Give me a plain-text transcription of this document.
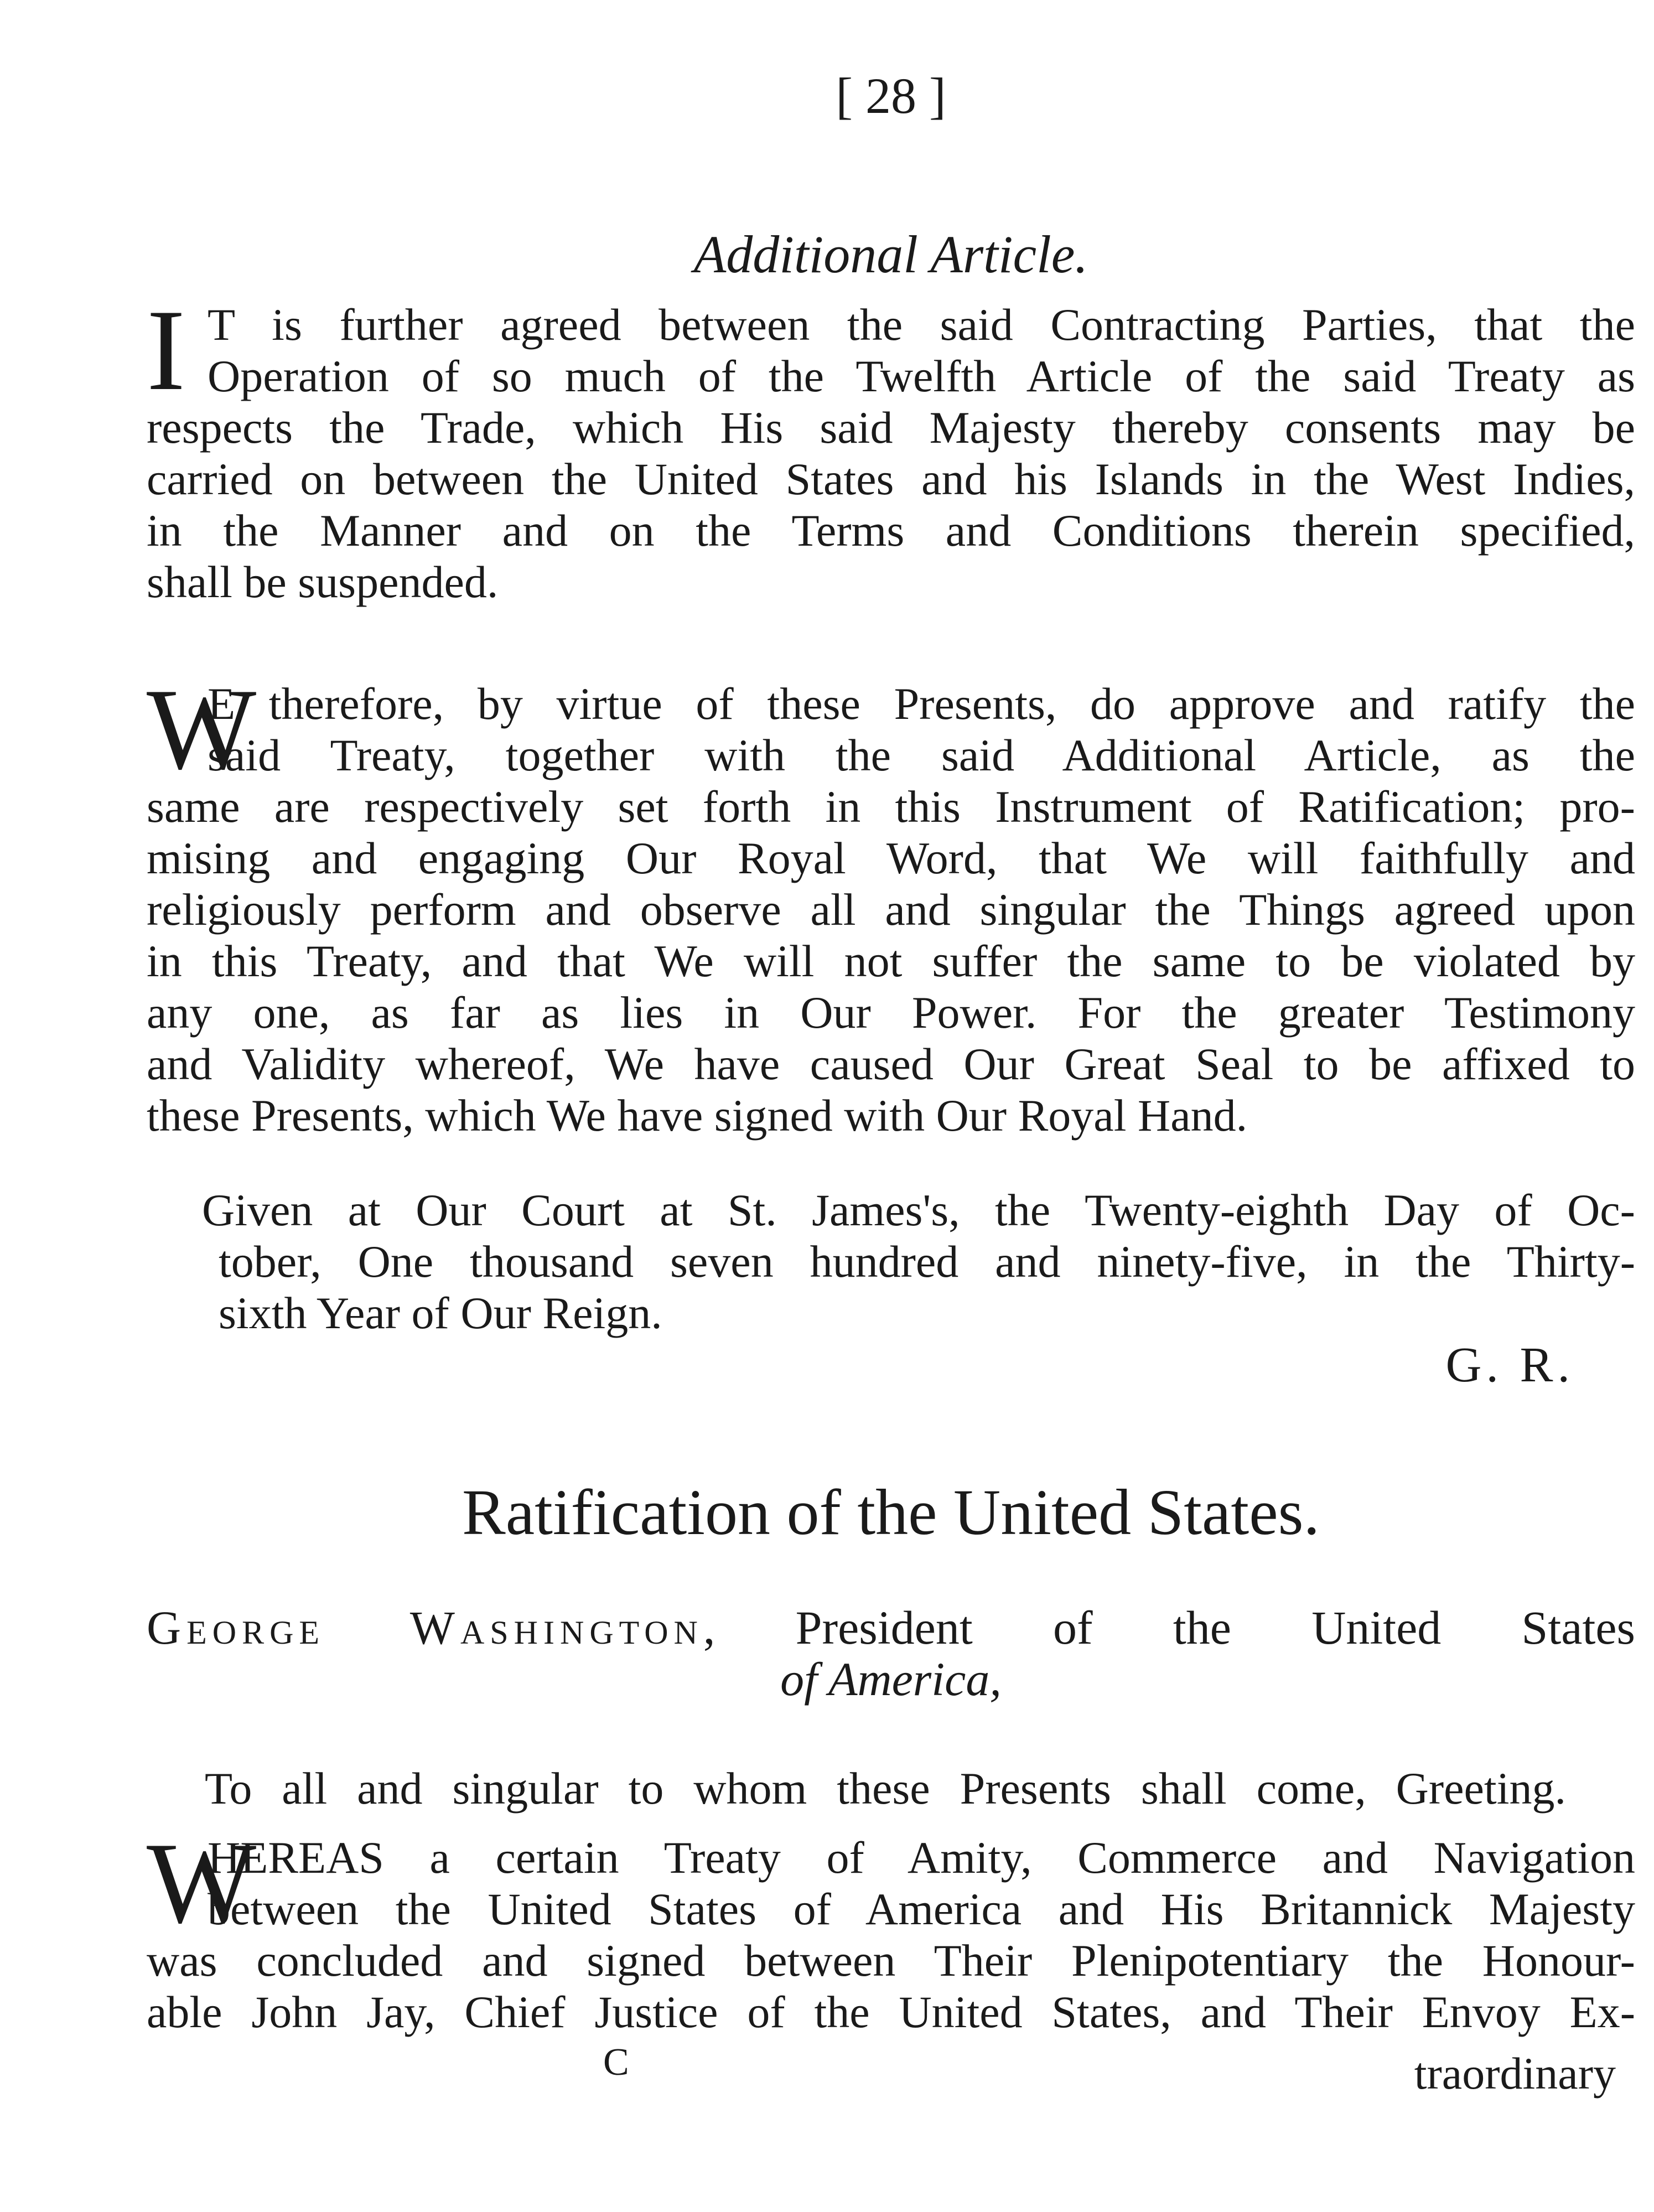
[ 28 ]
Additional Article.
I T is further agreed between the said Contracting Parties, that the
Operation of so much of the Twelfth Article of the said Treaty as
respects the Trade, which His said Majesty thereby consents may be
carried on between the United States and his Islands in the West Indies,
in the Manner and on the Terms and Conditions therein specified,
shall be suspended.
W
E therefore, by virtue of these Presents, do approve and ratify the
said Treaty, together with the said Additional Article, as the
same are respectively set forth in this Instrument of Ratification; pro-
mising and engaging Our Royal Word, that We will faithfully and
religiously perform and observe all and singular the Things agreed upon
in this Treaty, and that We will not suffer the same to be violated by
any one, as far as lies in Our Power. For the greater Testimony
and Validity whereof, We have caused Our Great Seal to be affixed to
these Presents, which We have signed with Our Royal Hand.
Given at Our Court at St. James's, the Twenty-eighth Day of Oc-
tober, One thousand seven hundred and ninety-five, in the Thirty-
sixth Year of Our Reign.
G. R.
Ratification of the United States.
George Washington, President of the United States
of America,
To all and singular to whom these Presents shall come, Greeting.
W
HEREAS a certain Treaty of Amity, Commerce and Navigation
between the United States of America and His Britannick Majesty
was concluded and signed between Their Plenipotentiary the Honour-
able John Jay, Chief Justice of the United States, and Their Envoy Ex-
C	traordinary
